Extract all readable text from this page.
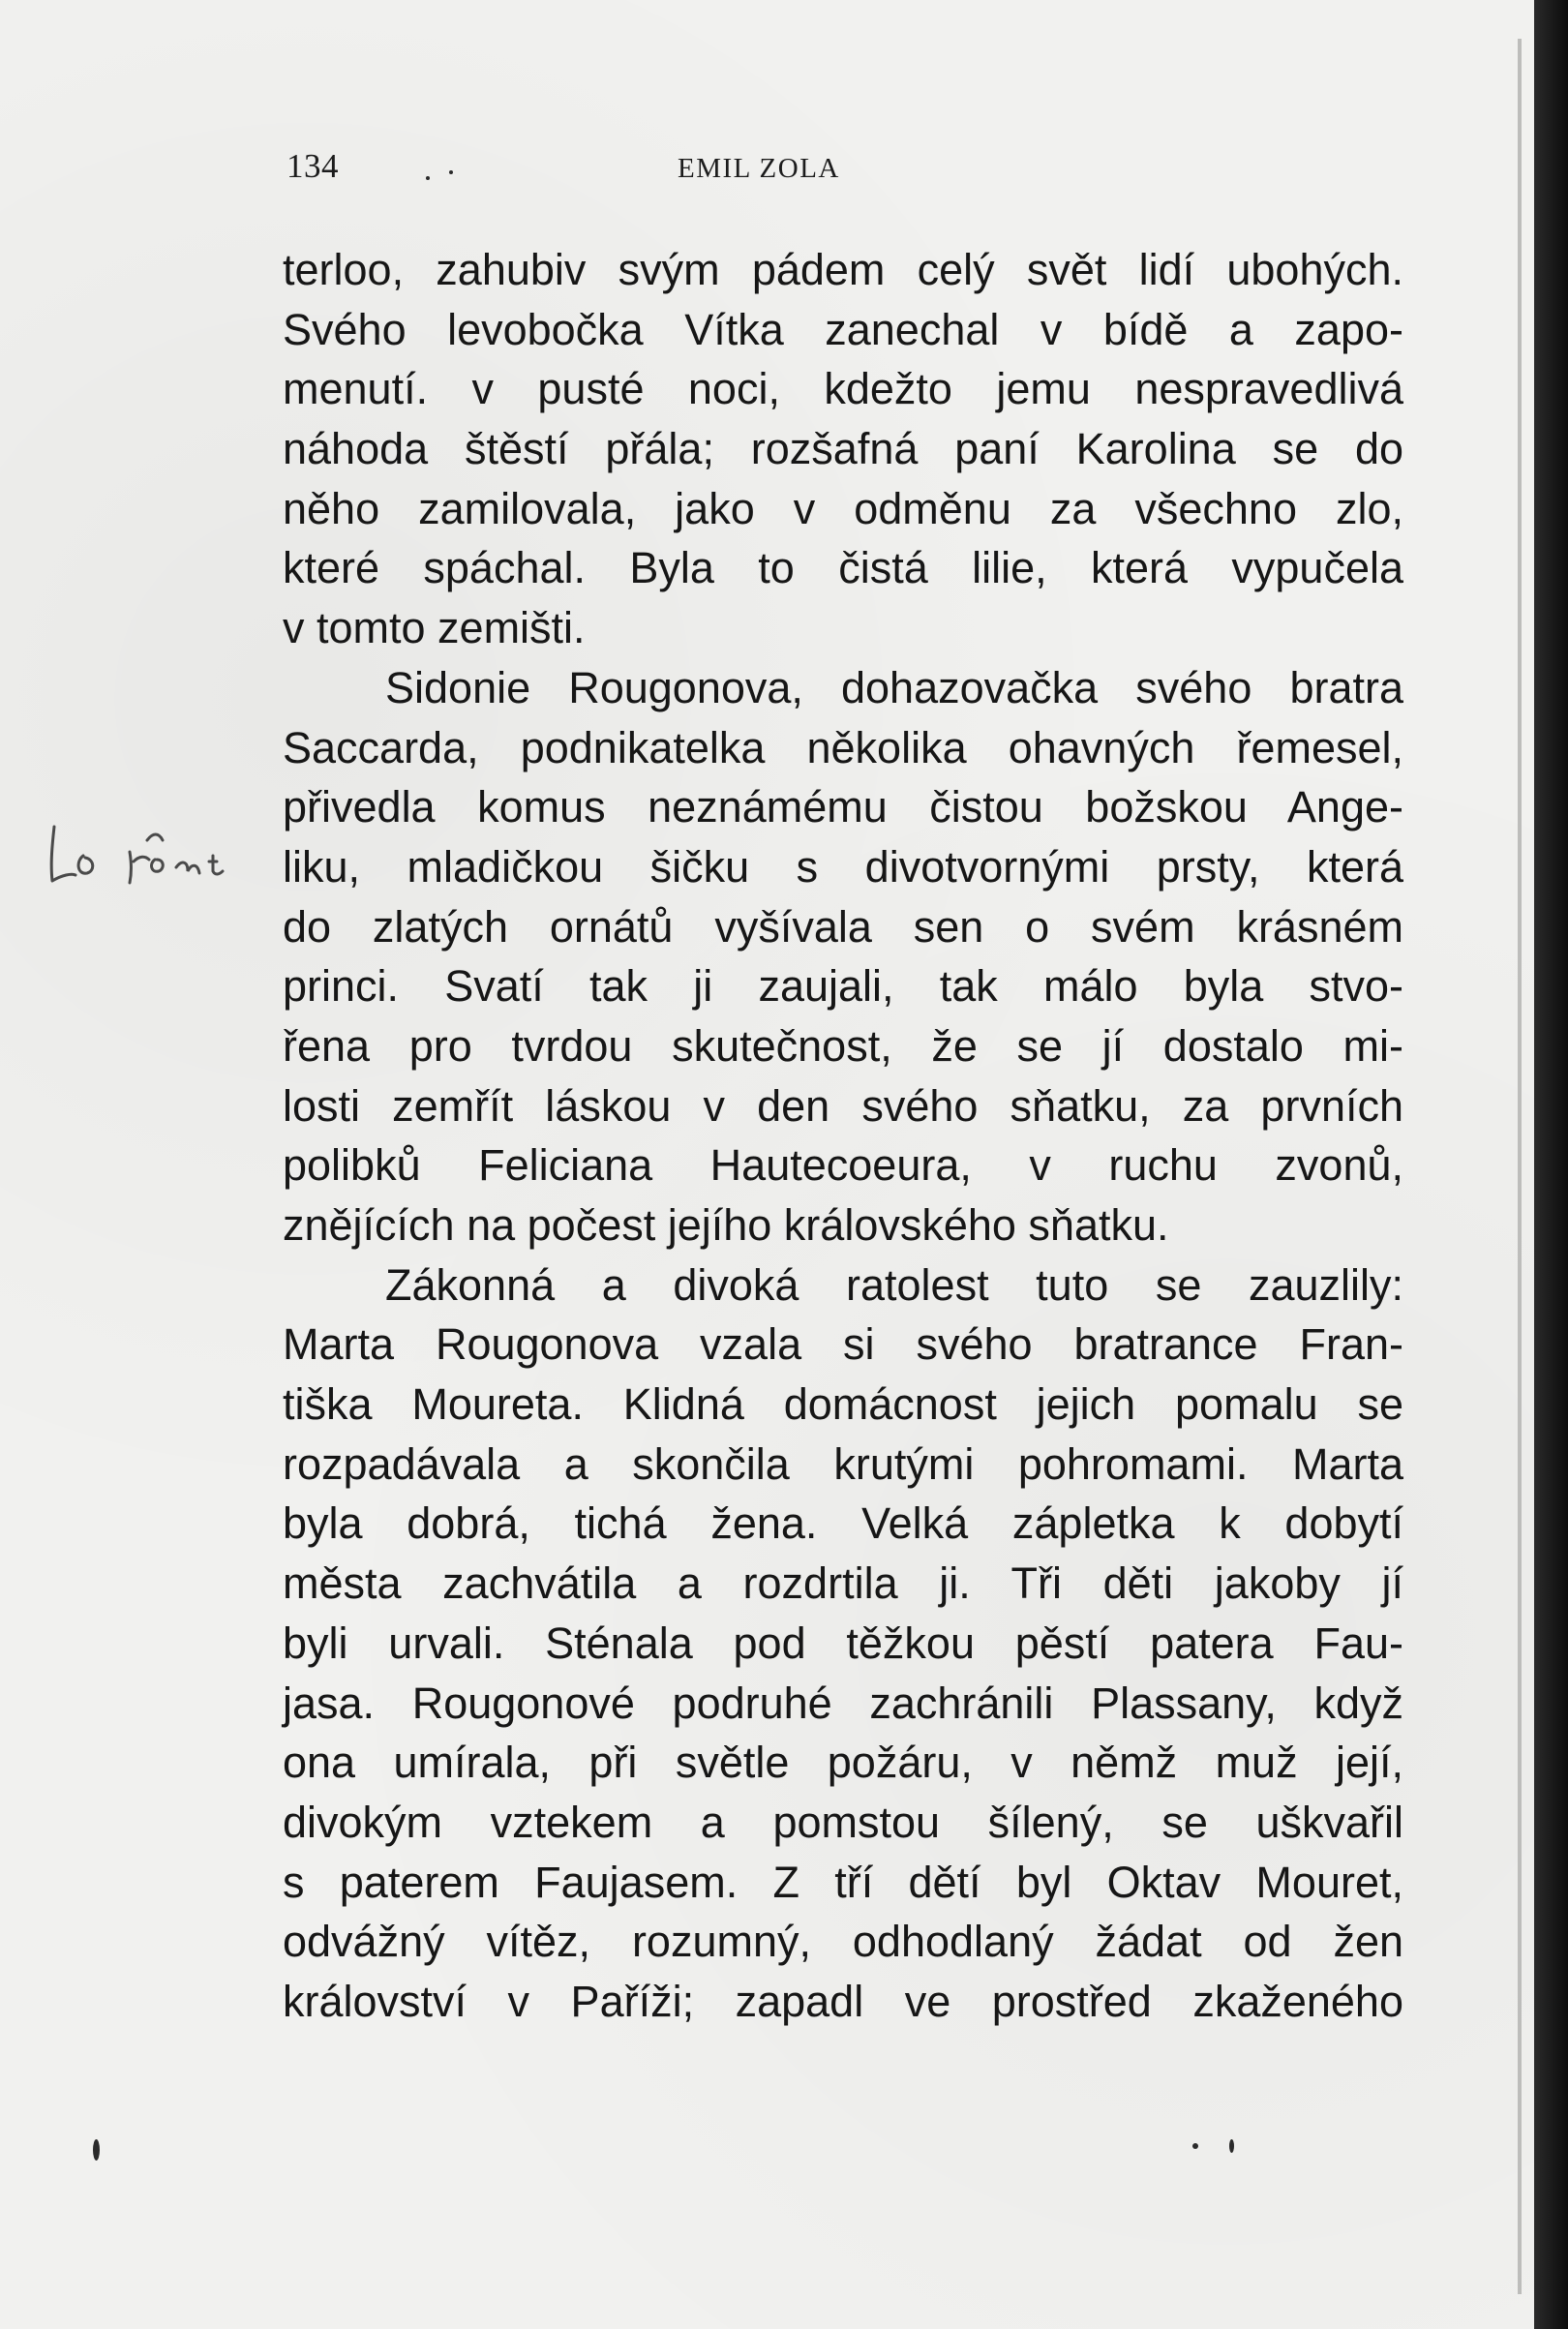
134	EMIL ZOLA
terloo, zahubiv svým pádem celý svět lidí ubohých.
Svého levobočka Vítka zanechal v bídě a zapo-
menutí. v pusté noci, kdežto jemu nespravedlivá
náhoda štěstí přála; rozšafná paní Karolina se do
něho zamilovala, jako v odměnu za všechno zlo,
které spáchal. Byla to čistá lilie, která vypučela
v tomto zemišti.
Sidonie Rougonova, dohazovačka svého bratra
Saccarda, podnikatelka několika ohavných řemesel,
přivedla komus neznámému čistou božskou Ange-
liku, mladičkou šičku s divotvornými prsty, která
do zlatých ornátů vyšívala sen o svém krásném
princi. Svatí tak ji zaujali, tak málo byla stvo-
řena pro tvrdou skutečnost, že se jí dostalo mi-
losti zemřít láskou v den svého sňatku, za prvních
polibků Feliciana Hautecoeura, v ruchu zvonů,
znějících na počest jejího královského sňatku.
Zákonná a divoká ratolest tuto se zauzlily:
Marta Rougonova vzala si svého bratrance Fran-
tiška Moureta. Klidná domácnost jejich pomalu se
rozpadávala a skončila krutými pohromami. Marta
byla dobrá, tichá žena. Velká zápletka k dobytí
města zachvátila a rozdrtila ji. Tři děti jakoby jí
byli urvali. Sténala pod těžkou pěstí patera Fau-
jasa. Rougonové podruhé zachránili Plassany, když
ona umírala, při světle požáru, v němž muž její,
divokým vztekem a pomstou šílený, se uškvařil
s paterem Faujasem. Z tří dětí byl Oktav Mouret,
odvážný vítěz, rozumný, odhodlaný žádat od žen
království v Paříži; zapadl ve prostřed zkaženého
